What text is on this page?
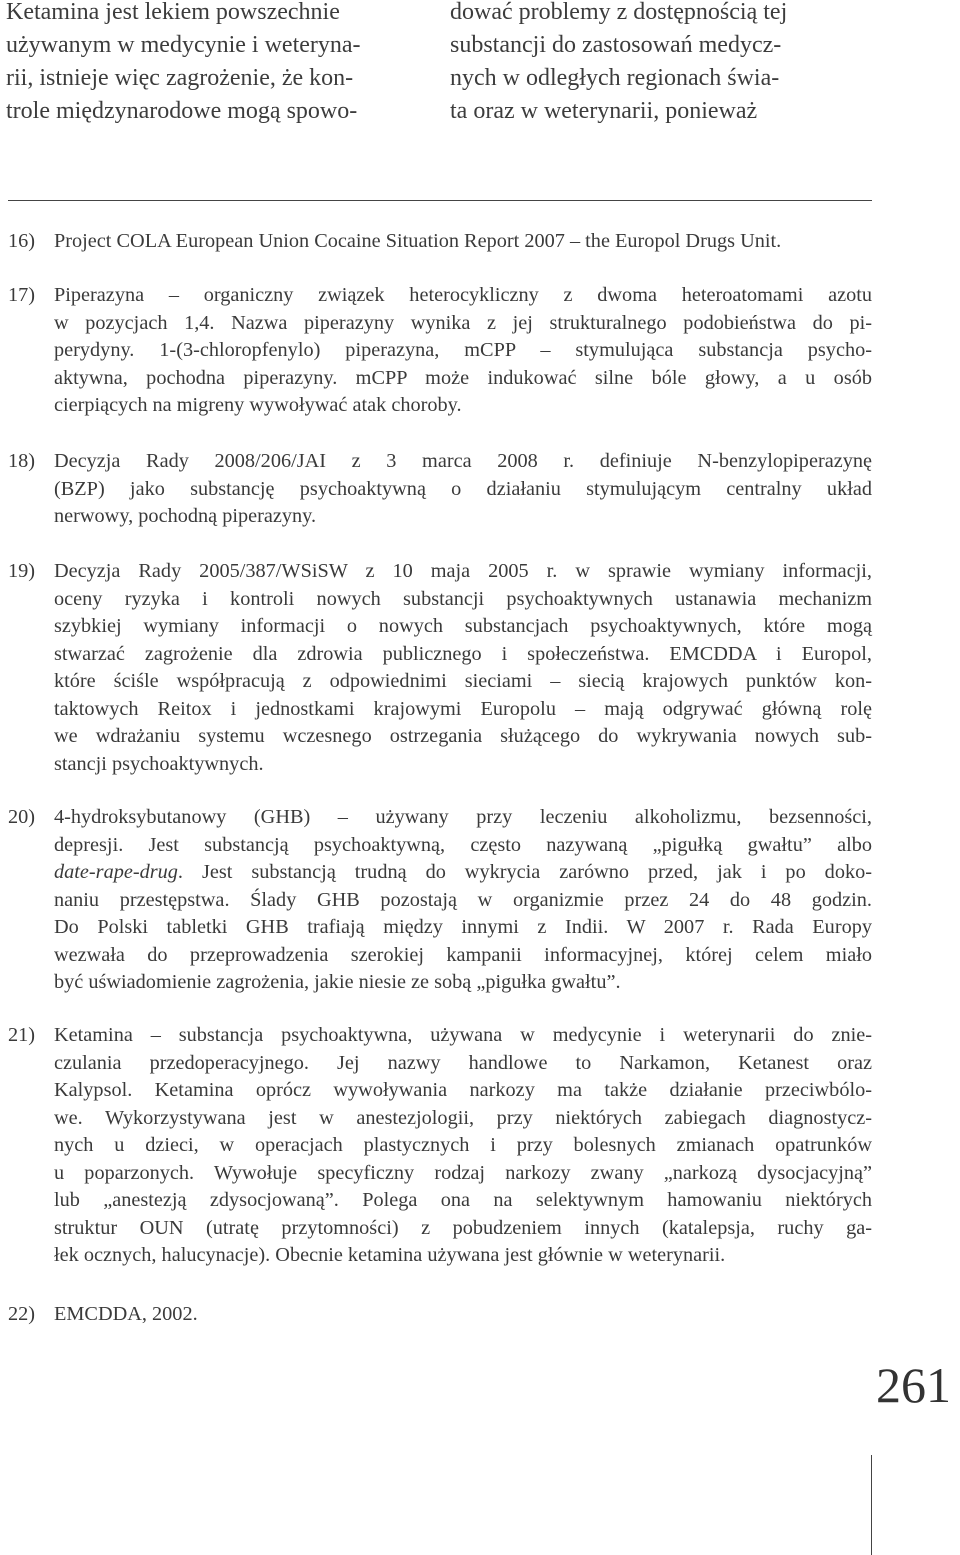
Ketamina jest lekiem powszechnie
używanym w medycynie i weteryna-
rii, istnieje więc zagrożenie, że kon-
trole międzynarodowe mogą spowo-
dować problemy z dostępnością tej
substancji do zastosowań medycz-
nych w odległych regionach świa-
ta oraz w weterynarii, ponieważ
16) Project COLA European Union Cocaine Situation Report 2007 – the Europol Drugs Unit.
17) Piperazyna – organiczny związek heterocykliczny z dwoma heteroatomami azotu
w pozycjach 1,4. Nazwa piperazyny wynika z jej strukturalnego podobieństwa do pi-
perydyny. 1-(3-chloropfenylo) piperazyna, mCPP – stymulująca substancja psycho-
aktywna, pochodna piperazyny. mCPP może indukować silne bóle głowy, a u osób
cierpiących na migreny wywoływać atak choroby.
18) Decyzja Rady 2008/206/JAI z 3 marca 2008 r. definiuje N-benzylopiperazynę
(BZP) jako substancję psychoaktywną o działaniu stymulującym centralny układ
nerwowy, pochodną piperazyny.
19) Decyzja Rady 2005/387/WSiSW z 10 maja 2005 r. w sprawie wymiany informacji,
oceny ryzyka i kontroli nowych substancji psychoaktywnych ustanawia mechanizm
szybkiej wymiany informacji o nowych substancjach psychoaktywnych, które mogą
stwarzać zagrożenie dla zdrowia publicznego i społeczeństwa. EMCDDA i Europol,
które ściśle współpracują z odpowiednimi sieciami – siecią krajowych punktów kon-
taktowych Reitox i jednostkami krajowymi Europolu – mają odgrywać główną rolę
we wdrażaniu systemu wczesnego ostrzegania służącego do wykrywania nowych sub-
stancji psychoaktywnych.
20) 4-hydroksybutanowy (GHB) – używany przy leczeniu alkoholizmu, bezsenności,
depresji. Jest substancją psychoaktywną, często nazywaną „pigułką gwałtu” albo
date-rape-drug. Jest substancją trudną do wykrycia zarówno przed, jak i po doko-
naniu przestępstwa. Ślady GHB pozostają w organizmie przez 24 do 48 godzin.
Do Polski tabletki GHB trafiają między innymi z Indii. W 2007 r. Rada Europy
wezwała do przeprowadzenia szerokiej kampanii informacyjnej, której celem miało
być uświadomienie zagrożenia, jakie niesie ze sobą „pigułka gwałtu”.
21) Ketamina – substancja psychoaktywna, używana w medycynie i weterynarii do znie-
czulania przedoperacyjnego. Jej nazwy handlowe to Narkamon, Ketanest oraz
Kalypsol. Ketamina oprócz wywoływania narkozy ma także działanie przeciwbólo-
we. Wykorzystywana jest w anestezjologii, przy niektórych zabiegach diagnostycz-
nych u dzieci, w operacjach plastycznych i przy bolesnych zmianach opatrunków
u poparzonych. Wywołuje specyficzny rodzaj narkozy zwany „narkozą dysocjacyjną”
lub „anestezją zdysocjowaną”. Polega ona na selektywnym hamowaniu niektórych
struktur OUN (utratę przytomności) z pobudzeniem innych (katalepsja, ruchy ga-
łek ocznych, halucynacje). Obecnie ketamina używana jest głównie w weterynarii.
22) EMCDDA, 2002.
261
